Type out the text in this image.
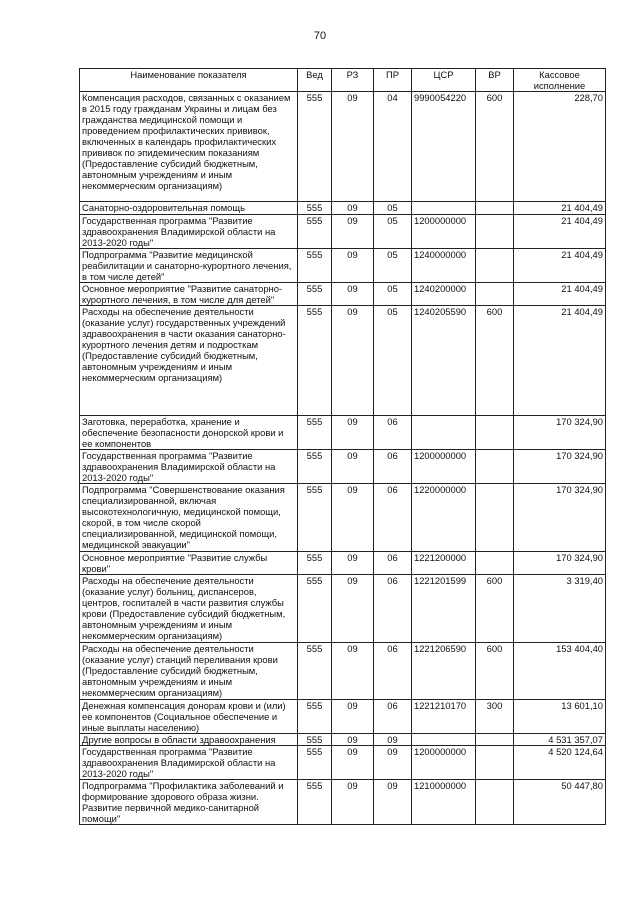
70
Наименование показателя	Вед	РЗ	ПР	ЦСР	ВР	Кассовое исполнение
Компенсация расходов, связанных с оказанием в 2015 году гражданам Украины и лицам без гражданства медицинской помощи и проведением профилактических прививок, включенных в календарь профилактических прививок по эпидемическим показаниям (Предоставление субсидий бюджетным, автономным учреждениям и иным некоммерческим организациям)	555	09	04	9990054220	600	228,70
Санаторно-оздоровительная помощь	555	09	05			21 404,49
Государственная программа "Развитие здравоохранения Владимирской области на 2013-2020 годы"	555	09	05	1200000000		21 404,49
Подпрограмма "Развитие медицинской реабилитации и санаторно-курортного лечения, в том числе детей"	555	09	05	1240000000		21 404,49
Основное мероприятие "Развитие санаторно-курортного лечения, в том числе для детей"	555	09	05	1240200000		21 404,49
Расходы на обеспечение деятельности (оказание услуг) государственных учреждений здравоохранения в части оказания санаторно-курортного лечения детям и подросткам (Предоставление субсидий бюджетным, автономным учреждениям и иным некоммерческим организациям)	555	09	05	1240205590	600	21 404,49
Заготовка, переработка, хранение и обеспечение безопасности донорской крови и ее компонентов	555	09	06			170 324,90
Государственная программа "Развитие здравоохранения Владимирской области на 2013-2020 годы"	555	09	06	1200000000		170 324,90
Подпрограмма "Совершенствование оказания специализированной, включая высокотехнологичную, медицинской помощи, скорой, в том числе скорой специализированной, медицинской помощи, медицинской эвакуации"	555	09	06	1220000000		170 324,90
Основное мероприятие "Развитие службы крови"	555	09	06	1221200000		170 324,90
Расходы на обеспечение деятельности (оказание услуг) больниц, диспансеров, центров, госпиталей в части развития службы крови (Предоставление субсидий бюджетным, автономным учреждениям и иным некоммерческим организациям)	555	09	06	1221201599	600	3 319,40
Расходы на обеспечение деятельности (оказание услуг) станций переливания крови (Предоставление субсидий бюджетным, автономным учреждениям и иным некоммерческим организациям)	555	09	06	1221206590	600	153 404,40
Денежная компенсация донорам крови и (или) ее компонентов (Социальное обеспечение и иные выплаты населению)	555	09	06	1221210170	300	13 601,10
Другие вопросы в области здравоохранения	555	09	09			4 531 357,07
Государственная программа "Развитие здравоохранения Владимирской области на 2013-2020 годы"	555	09	09	1200000000		4 520 124,64
Подпрограмма "Профилактика заболеваний и формирование здорового образа жизни. Развитие первичной медико-санитарной помощи"	555	09	09	1210000000		50 447,80
